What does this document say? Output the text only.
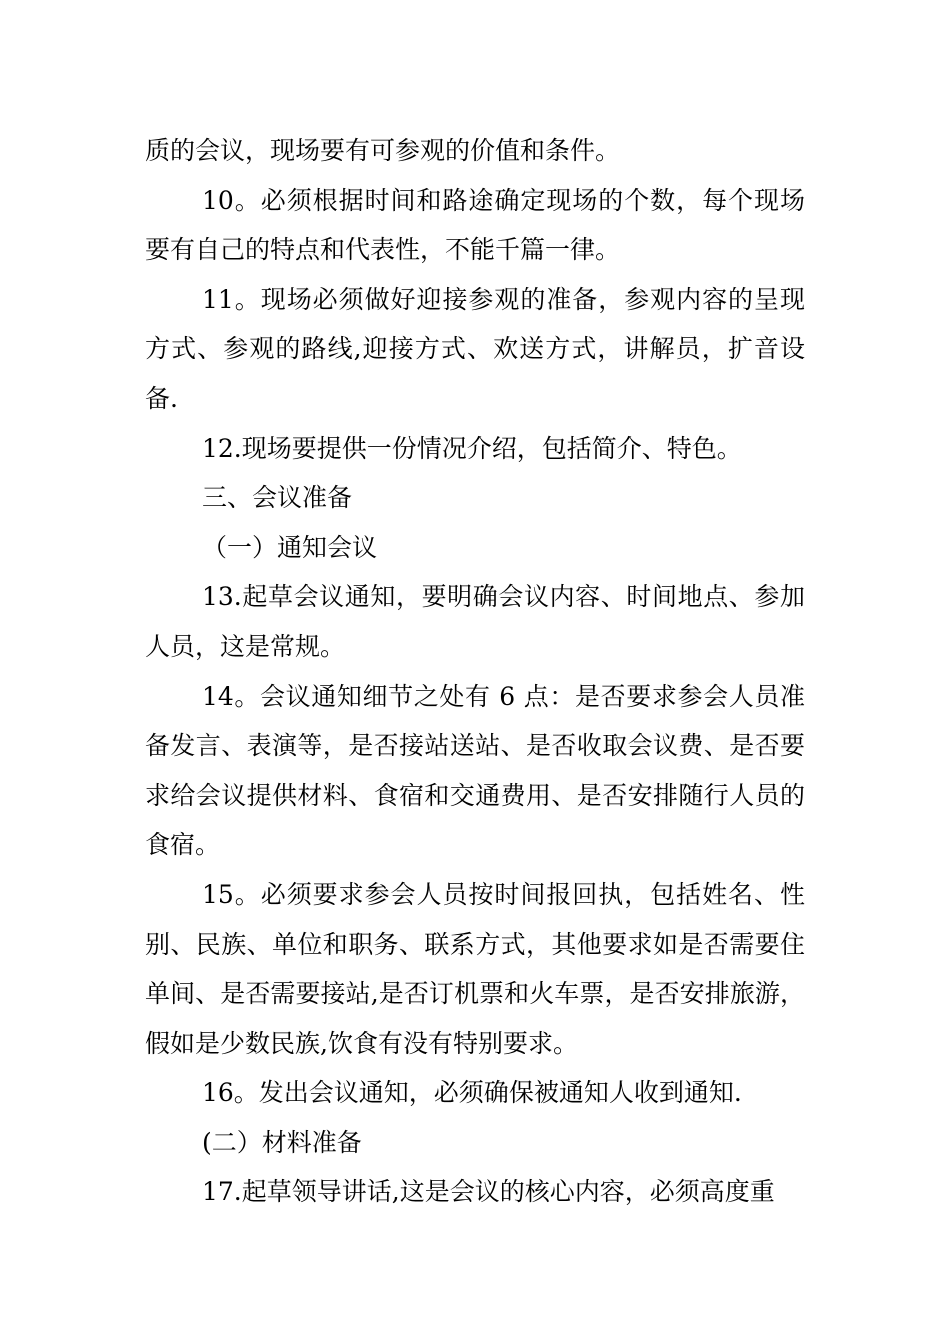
质的会议，现场要有可参观的价值和条件。

10。必须根据时间和路途确定现场的个数，每个现场要有自己的特点和代表性，不能千篇一律。

11。现场必须做好迎接参观的准备，参观内容的呈现方式、参观的路线,迎接方式、欢送方式，讲解员，扩音设备.

12.现场要提供一份情况介绍，包括简介、特色。

三、会议准备

（一）通知会议

13.起草会议通知，要明确会议内容、时间地点、参加人员，这是常规。

14。会议通知细节之处有 6 点：是否要求参会人员准备发言、表演等，是否接站送站、是否收取会议费、是否要求给会议提供材料、食宿和交通费用、是否安排随行人员的食宿。

15。必须要求参会人员按时间报回执，包括姓名、性别、民族、单位和职务、联系方式，其他要求如是否需要住单间、是否需要接站,是否订机票和火车票，是否安排旅游，假如是少数民族,饮食有没有特别要求。

16。发出会议通知，必须确保被通知人收到通知.

(二）材料准备

17.起草领导讲话,这是会议的核心内容，必须高度重
